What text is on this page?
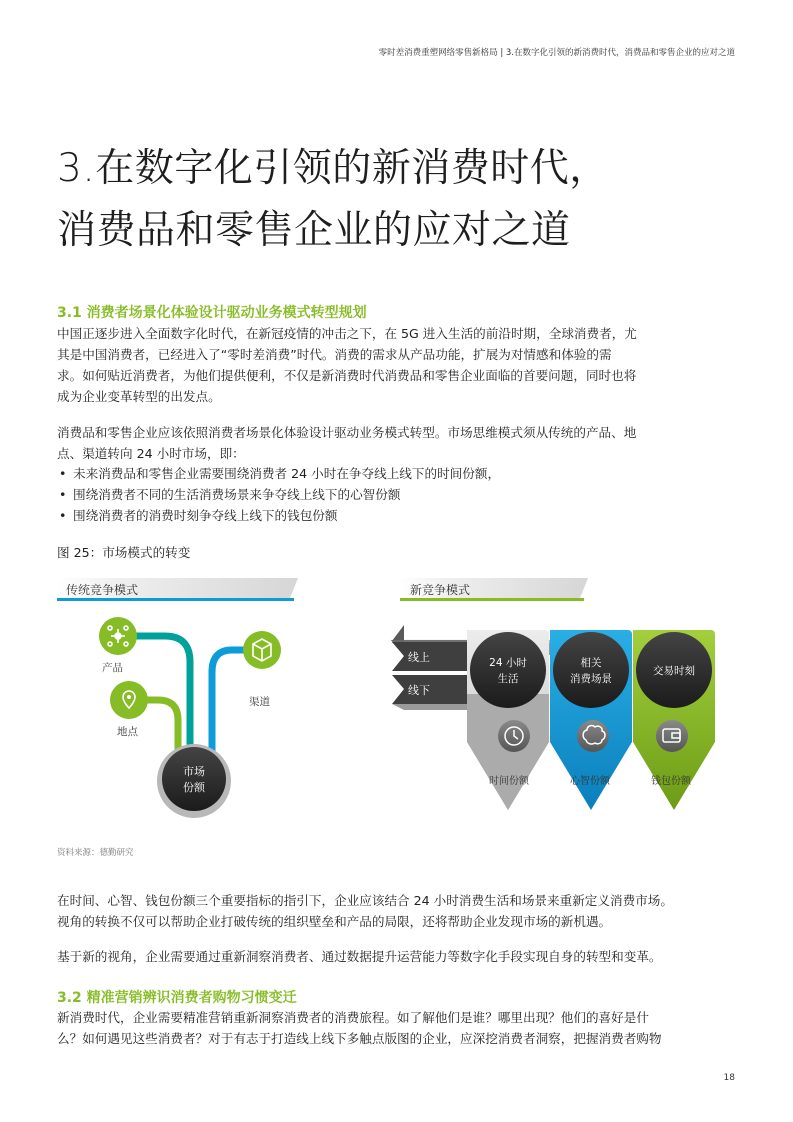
零时差消费重塑网络零售新格局 | 3.在数字化引领的新消费时代，消费品和零售企业的应对之道
3.在数字化引领的新消费时代，
消费品和零售企业的应对之道
3.1 消费者场景化体验设计驱动业务模式转型规划
中国正逐步进入全面数字化时代，在新冠疫情的冲击之下，在 5G 进入生活的前沿时期，全球消费者，尤
其是中国消费者，已经进入了“零时差消费”时代。消费的需求从产品功能，扩展为对情感和体验的需
求。如何贴近消费者，为他们提供便利，不仅是新消费时代消费品和零售企业面临的首要问题，同时也将
成为企业变革转型的出发点。
消费品和零售企业应该依照消费者场景化体验设计驱动业务模式转型。市场思维模式须从传统的产品、地
点、渠道转向 24 小时市场，即：
• 未来消费品和零售企业需要围绕消费者 24 小时在争夺线上线下的时间份额，
• 围绕消费者不同的生活消费场景来争夺线上线下的心智份额
• 围绕消费者的消费时刻争夺线上线下的钱包份额
图 25：市场模式的转变
传统竞争模式
产品
地点
渠道
市场
份额
新竞争模式
线上
线下
24 小时
生活
时间份额
相关
消费场景
心智份额
交易时刻
钱包份额
资料来源：德勤研究
在时间、心智、钱包份额三个重要指标的指引下，企业应该结合 24 小时消费生活和场景来重新定义消费市场。
视角的转换不仅可以帮助企业打破传统的组织壁垒和产品的局限，还将帮助企业发现市场的新机遇。
基于新的视角，企业需要通过重新洞察消费者、通过数据提升运营能力等数字化手段实现自身的转型和变革。
3.2 精准营销辨识消费者购物习惯变迁
新消费时代，企业需要精准营销重新洞察消费者的消费旅程。如了解他们是谁？哪里出现？他们的喜好是什
么？如何遇见这些消费者？对于有志于打造线上线下多触点版图的企业，应深挖消费者洞察，把握消费者购物
18
